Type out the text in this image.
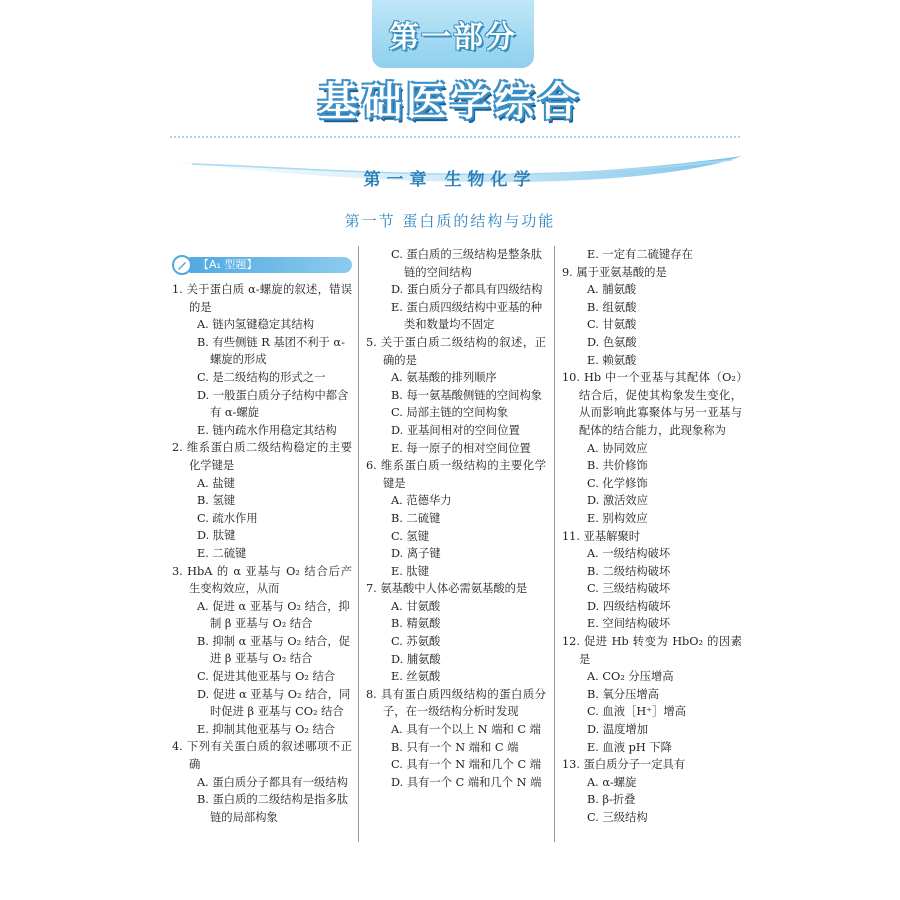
第一部分
基础医学综合
第一章 生物化学
第一节 蛋白质的结构与功能
【A₁ 型题】
1. 关于蛋白质 α-螺旋的叙述，错误的是
A. 链内氢键稳定其结构
B. 有些侧链 R 基团不利于 α-螺旋的形成
C. 是二级结构的形式之一
D. 一般蛋白质分子结构中都含有 α-螺旋
E. 链内疏水作用稳定其结构
2. 维系蛋白质二级结构稳定的主要化学键是
A. 盐键
B. 氢键
C. 疏水作用
D. 肽键
E. 二硫键
3. HbA 的 α 亚基与 O₂ 结合后产生变构效应，从而
A. 促进 α 亚基与 O₂ 结合，抑制 β 亚基与 O₂ 结合
B. 抑制 α 亚基与 O₂ 结合，促进 β 亚基与 O₂ 结合
C. 促进其他亚基与 O₂ 结合
D. 促进 α 亚基与 O₂ 结合，同时促进 β 亚基与 CO₂ 结合
E. 抑制其他亚基与 O₂ 结合
4. 下列有关蛋白质的叙述哪项不正确
A. 蛋白质分子都具有一级结构
B. 蛋白质的二级结构是指多肽链的局部构象
C. 蛋白质的三级结构是整条肽链的空间结构
D. 蛋白质分子都具有四级结构
E. 蛋白质四级结构中亚基的种类和数量均不固定
5. 关于蛋白质二级结构的叙述，正确的是
A. 氨基酸的排列顺序
B. 每一氨基酸侧链的空间构象
C. 局部主链的空间构象
D. 亚基间相对的空间位置
E. 每一原子的相对空间位置
6. 维系蛋白质一级结构的主要化学键是
A. 范德华力
B. 二硫键
C. 氢键
D. 离子键
E. 肽键
7. 氨基酸中人体必需氨基酸的是
A. 甘氨酸
B. 精氨酸
C. 苏氨酸
D. 脯氨酸
E. 丝氨酸
8. 具有蛋白质四级结构的蛋白质分子，在一级结构分析时发现
A. 具有一个以上 N 端和 C 端
B. 只有一个 N 端和 C 端
C. 具有一个 N 端和几个 C 端
D. 具有一个 C 端和几个 N 端
E. 一定有二硫键存在
9. 属于亚氨基酸的是
A. 脯氨酸
B. 组氨酸
C. 甘氨酸
D. 色氨酸
E. 赖氨酸
10. Hb 中一个亚基与其配体（O₂）结合后，促使其构象发生变化，从而影响此寡聚体与另一亚基与配体的结合能力，此现象称为
A. 协同效应
B. 共价修饰
C. 化学修饰
D. 激活效应
E. 别构效应
11. 亚基解聚时
A. 一级结构破坏
B. 二级结构破坏
C. 三级结构破坏
D. 四级结构破坏
E. 空间结构破坏
12. 促进 Hb 转变为 HbO₂ 的因素是
A. CO₂ 分压增高
B. 氧分压增高
C. 血液［H⁺］增高
D. 温度增加
E. 血液 pH 下降
13. 蛋白质分子一定具有
A. α-螺旋
B. β-折叠
C. 三级结构
